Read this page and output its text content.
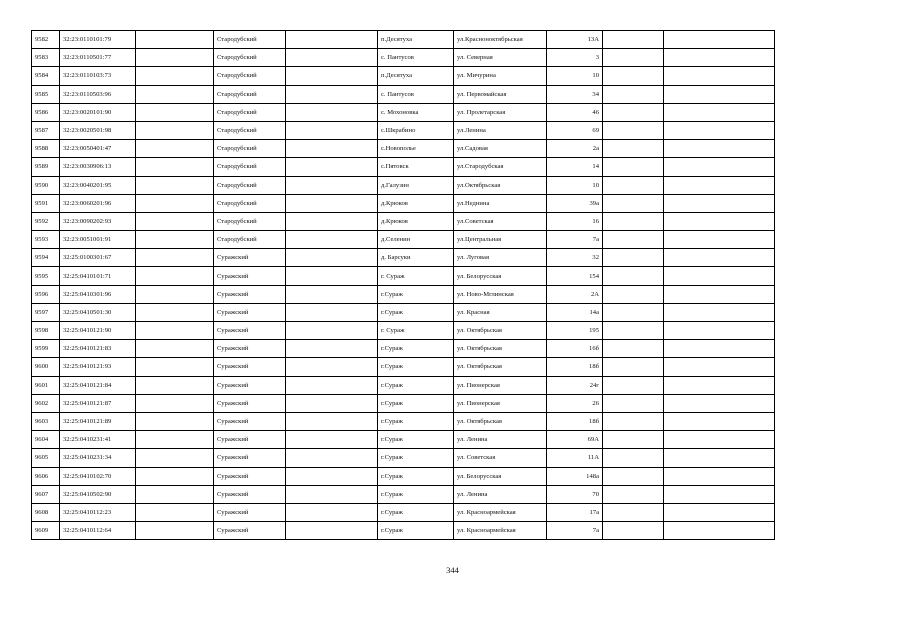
9582	32:23:0110101:79		Стародубский		п.Десятуха	ул.Красноноктябрьская	13А		
9583	32:23:0110501:77		Стародубский		с. Пантусов	ул. Северная	3		
9584	32:23:0110103:73		Стародубский		п.Десятуха	ул. Мичурина	10		
9585	32:23:0110503:96		Стародубский		с. Пантусов	ул. Первомайская	34		
9586	32:23:0020101:90		Стародубский		с. Мохоновка	ул. Пролетарская	46		
9587	32:23:0020501:98		Стародубский		с.Шкрабино	ул.Ленина	69		
9588	32:23:0050401:47		Стародубский		с.Новополье	ул.Садовая	2а		
9589	32:23:0030906:13		Стародубский		с.Пятовск	ул.Стародубская	14		
9590	32:23:0040201:95		Стародубский		д.Галузин	ул.Октябрьская	10		
9591	32:23:0060201:96		Стародубский		д.Крюков	ул.Неднина	39а		
9592	32:23:0090202:93		Стародубский		д.Крюков	ул.Советская	16		
9593	32:23:0051001:91		Стародубский		д.Селенин	ул.Центральная	7а		
9594	32:25:0100301:67		Суражский		д. Барсуки	ул. Луговая	32		
9595	32:25:0410101:71		Суражский		г. Сураж	ул. Белорусская	154		
9596	32:25:0410301:96		Суражский		г.Сураж	ул. Ново-Мглинская	2А		
9597	32:25:0410501:30		Суражский		г.Сураж	ул. Красная	14а		
9598	32:25:0410121:90		Суражский		г. Сураж	ул. Октябрьская	195		
9599	32:25:0410121:83		Суражский		г.Сураж	ул. Октябрьская	16б		
9600	32:25:0410121:93		Суражский		г.Сураж	ул. Октябрьская	18б		
9601	32:25:0410121:84		Суражский		г.Сураж	ул. Пионерская	24г		
9602	32:25:0410121:87		Суражский		г.Сураж	ул. Пионерская	26		
9603	32:25:0410121:89		Суражский		г.Сураж	ул. Октябрьская	18б		
9604	32:25:0410231:41		Суражский		г.Сураж	ул. Ленина	69А		
9605	32:25:0410231:34		Суражский		г.Сураж	ул. Советская	11А		
9606	32:25:0410102:70		Суражский		г.Сураж	ул. Белорусская	148а		
9607	32:25:0410502:90		Суражский		г.Сураж	ул. Ленина	70		
9608	32:25:0410112:23		Суражский		г.Сураж	ул. Красноармейская	17а		
9609	32:25:0410112:64		Суражский		г.Сураж	ул. Красноармейская	7а		
344
